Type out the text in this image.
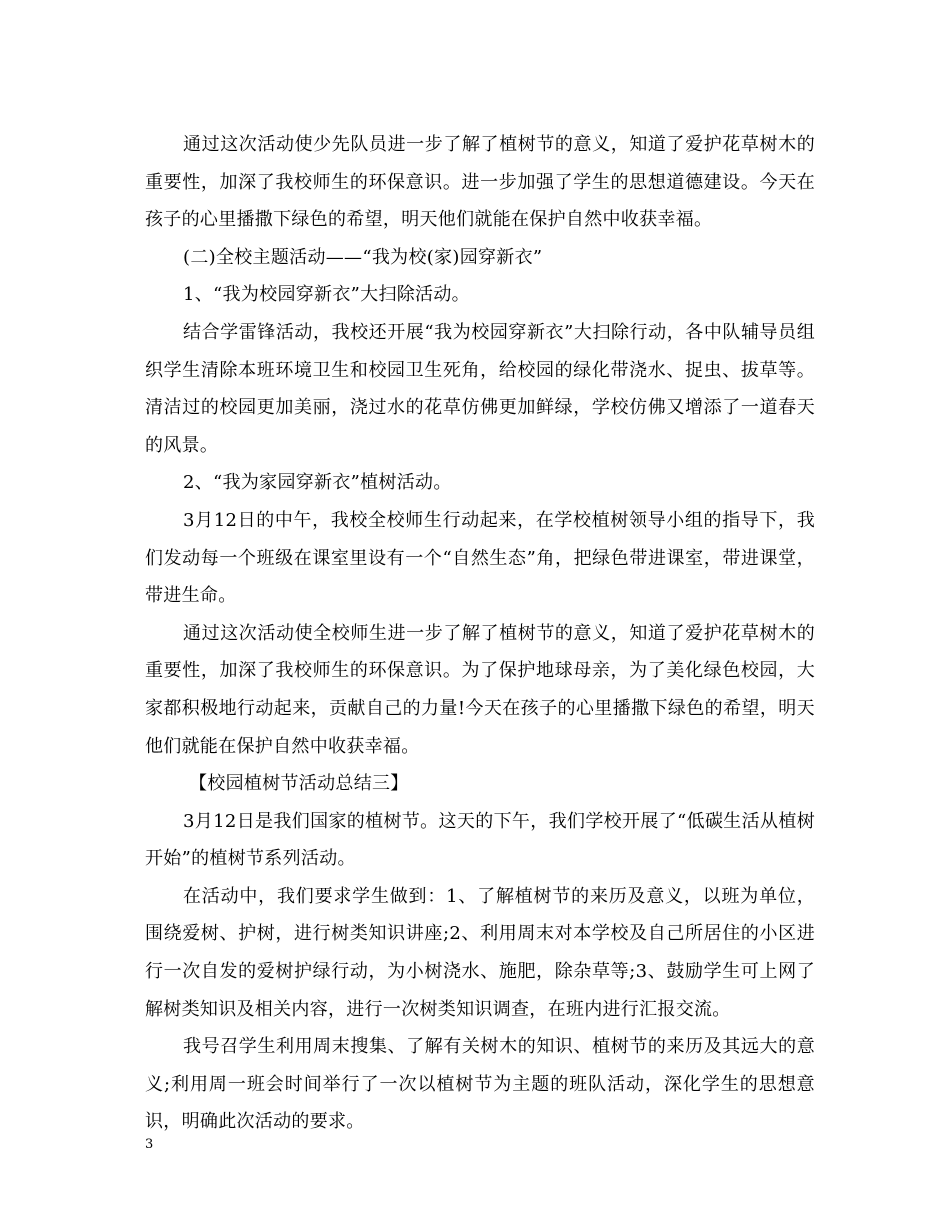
通过这次活动使少先队员进一步了解了植树节的意义，知道了爱护花草树木的重要性，加深了我校师生的环保意识。进一步加强了学生的思想道德建设。今天在孩子的心里播撒下绿色的希望，明天他们就能在保护自然中收获幸福。

(二)全校主题活动——“我为校(家)园穿新衣”

1、“我为校园穿新衣”大扫除活动。

结合学雷锋活动，我校还开展“我为校园穿新衣”大扫除行动，各中队辅导员组织学生清除本班环境卫生和校园卫生死角，给校园的绿化带浇水、捉虫、拔草等。清洁过的校园更加美丽，浇过水的花草仿佛更加鲜绿，学校仿佛又增添了一道春天的风景。

2、“我为家园穿新衣”植树活动。

3月12日的中午，我校全校师生行动起来，在学校植树领导小组的指导下，我们发动每一个班级在课室里设有一个“自然生态”角，把绿色带进课室，带进课堂，带进生命。

通过这次活动使全校师生进一步了解了植树节的意义，知道了爱护花草树木的重要性，加深了我校师生的环保意识。为了保护地球母亲，为了美化绿色校园，大家都积极地行动起来，贡献自己的力量!今天在孩子的心里播撒下绿色的希望，明天他们就能在保护自然中收获幸福。

【校园植树节活动总结三】

3月12日是我们国家的植树节。这天的下午，我们学校开展了“低碳生活从植树开始”的植树节系列活动。

在活动中，我们要求学生做到：1、了解植树节的来历及意义，以班为单位，围绕爱树、护树，进行树类知识讲座;2、利用周末对本学校及自己所居住的小区进行一次自发的爱树护绿行动，为小树浇水、施肥，除杂草等;3、鼓励学生可上网了解树类知识及相关内容，进行一次树类知识调查，在班内进行汇报交流。

我号召学生利用周末搜集、了解有关树木的知识、植树节的来历及其远大的意义;利用周一班会时间举行了一次以植树节为主题的班队活动，深化学生的思想意识，明确此次活动的要求。

3
